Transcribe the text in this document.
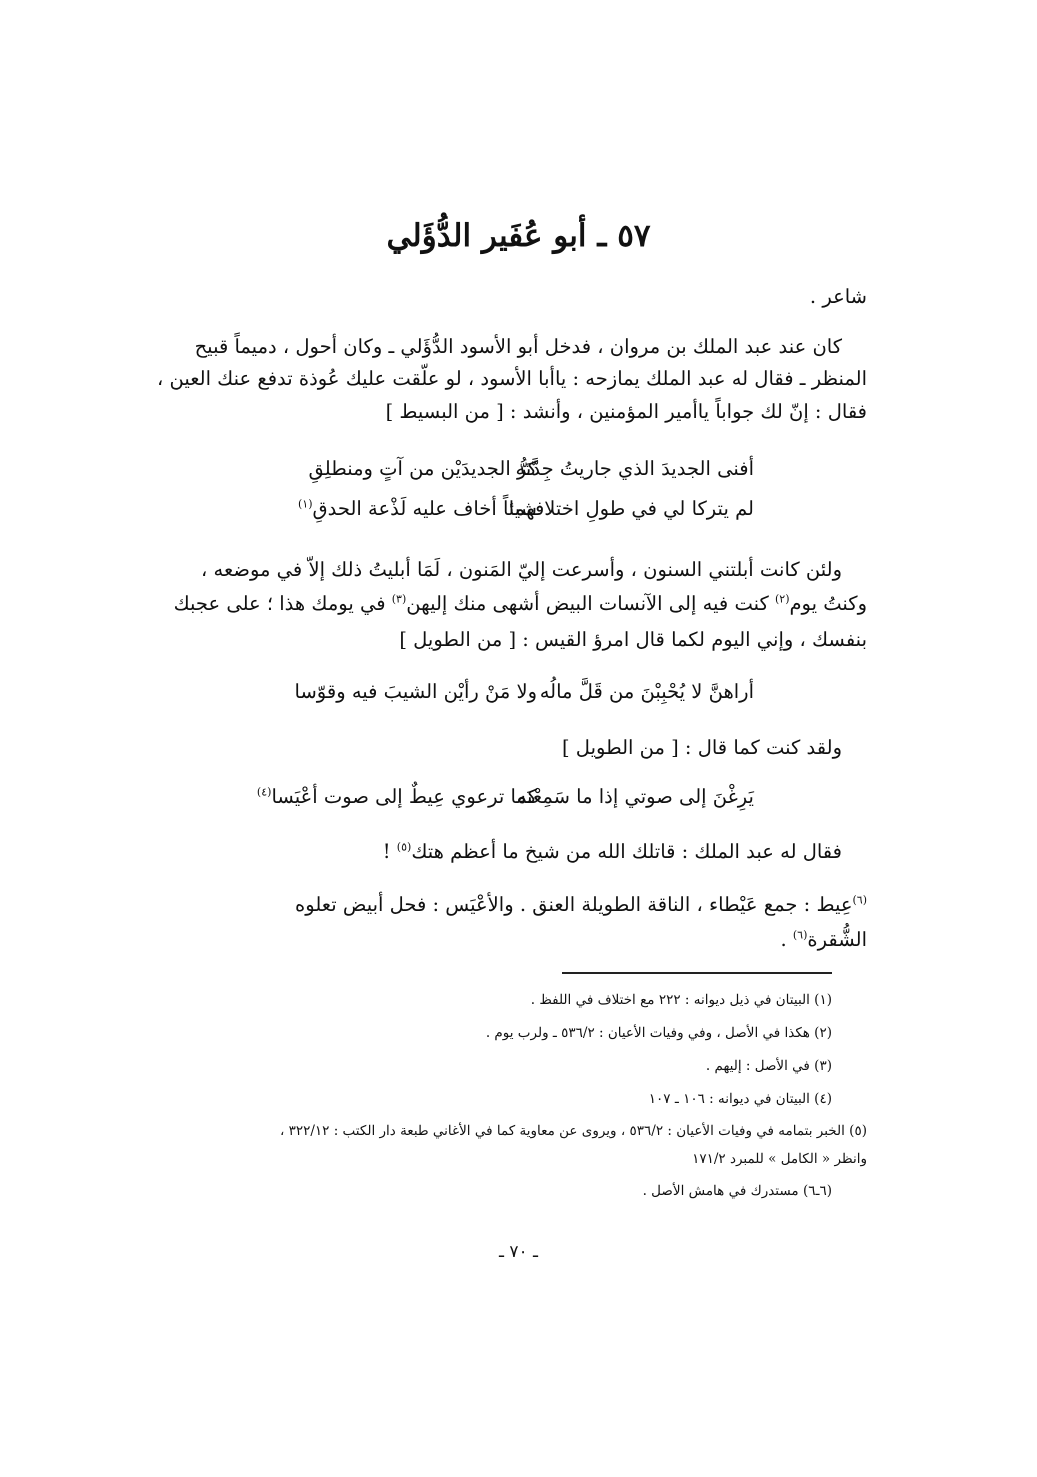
٥٧ ـ أبو عُفَير الدُّؤَلي
شاعر .
كان عند عبد الملك بن مروان ، فدخل أبو الأسود الدُّؤَلي ـ وكان أحول ، دميماً قبيح
المنظر ـ فقال له عبد الملك يمازحه : ياأبا الأسود ، لو علّقت عليك عُوذة تدفع عنك العين ،
فقال : إنّ لك جواباً ياأمير المؤمنين ، وأنشد : [ من البسيط ]
أفنى الجديدَ الذي جاريتُ جِدَّتَه
كرُّ الجديدَيْن من آتٍ ومنطلِقِ
لم يتركا لي في طولِ اختلافهما
شيئاً أخاف عليه لَذْعة الحدقِ$^{(١)}$
ولئن كانت أبلتني السنون ، وأسرعت إليّ المَنون ، لَمَا أبليتُ ذلك إلاّ في موضعه ،
وكنتُ يوم$^{(٢)}$ كنت فيه إلى الآنسات البيض أشهى منك إليهن$^{(٣)}$ في يومك هذا ؛ على عجبك
بنفسك ، وإني اليوم لكما قال امرؤ القيس : [ من الطويل ]
أراهنَّ لا يُحْبِبْنَ من قَلَّ مالُه
ولا مَنْ رأيْن الشيبَ فيه وقوّسا
ولقد كنت كما قال : [ من الطويل ]
يَرِغْنَ إلى صوتي إذا ما سَمِعْنَه
كما ترعوي عِيطٌ إلى صوت أعْيَسا$^{(٤)}$
فقال له عبد الملك : قاتلك الله من شيخ ما أعظم هتك$^{(٥)}$ !
$^{(٦)}$عِيط : جمع عَيْطاء ، الناقة الطويلة العنق . والأعْيَس : فحل أبيض تعلوه
الشُّقرة$^{(٦)}$ .
(١) البيتان في ذيل ديوانه : ٢٢٢ مع اختلاف في اللفظ .
(٢) هكذا في الأصل ، وفي وفيات الأعيان : ٥٣٦/٢ ـ ولرب يوم .
(٣) في الأصل : إليهم .
(٤) البيتان في ديوانه : ١٠٦ ـ ١٠٧
(٥) الخبر بتمامه في وفيات الأعيان : ٥٣٦/٢ ، ويروى عن معاوية كما في الأغاني طبعة دار الكتب : ٣٢٢/١٢ ،
وانظر « الكامل » للمبرد ١٧١/٢
(٦ـ٦) مستدرك في هامش الأصل .
ـ ٧٠ ـ
